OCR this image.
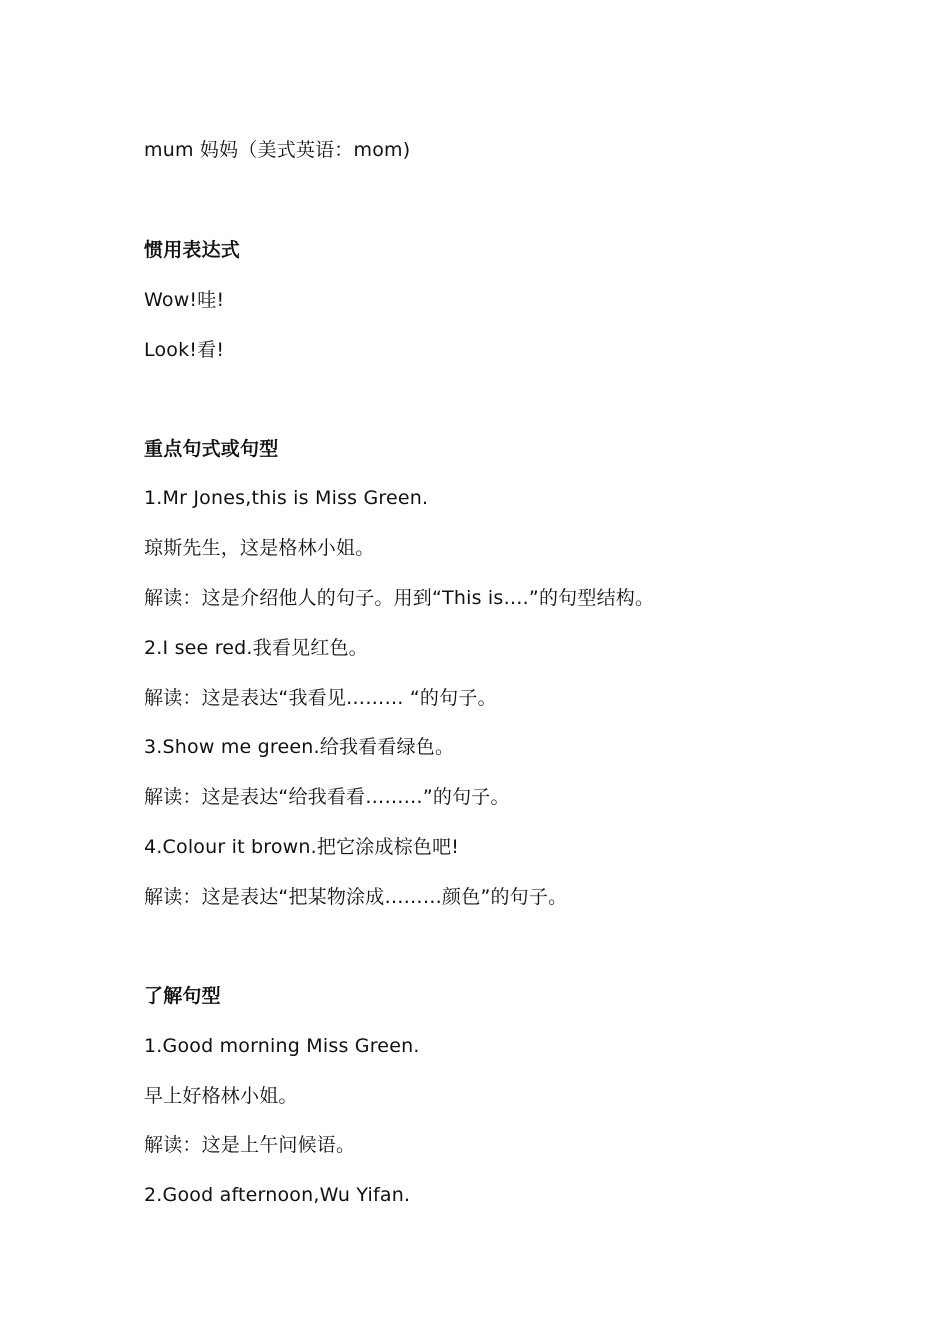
mum 妈妈（美式英语：mom)
惯用表达式
Wow!哇!
Look!看!
重点句式或句型
1.Mr Jones,this is Miss Green.
琼斯先生，这是格林小姐。
解读：这是介绍他人的句子。用到“This is….”的句型结构。
2.I see red.我看见红色。
解读：这是表达“我看见……… “的句子。
3.Show me green.给我看看绿色。
解读：这是表达“给我看看………”的句子。
4.Colour it brown.把它涂成棕色吧!
解读：这是表达“把某物涂成………颜色”的句子。
了解句型
1.Good morning Miss Green.
早上好格林小姐。
解读：这是上午问候语。
2.Good afternoon,Wu Yifan.
